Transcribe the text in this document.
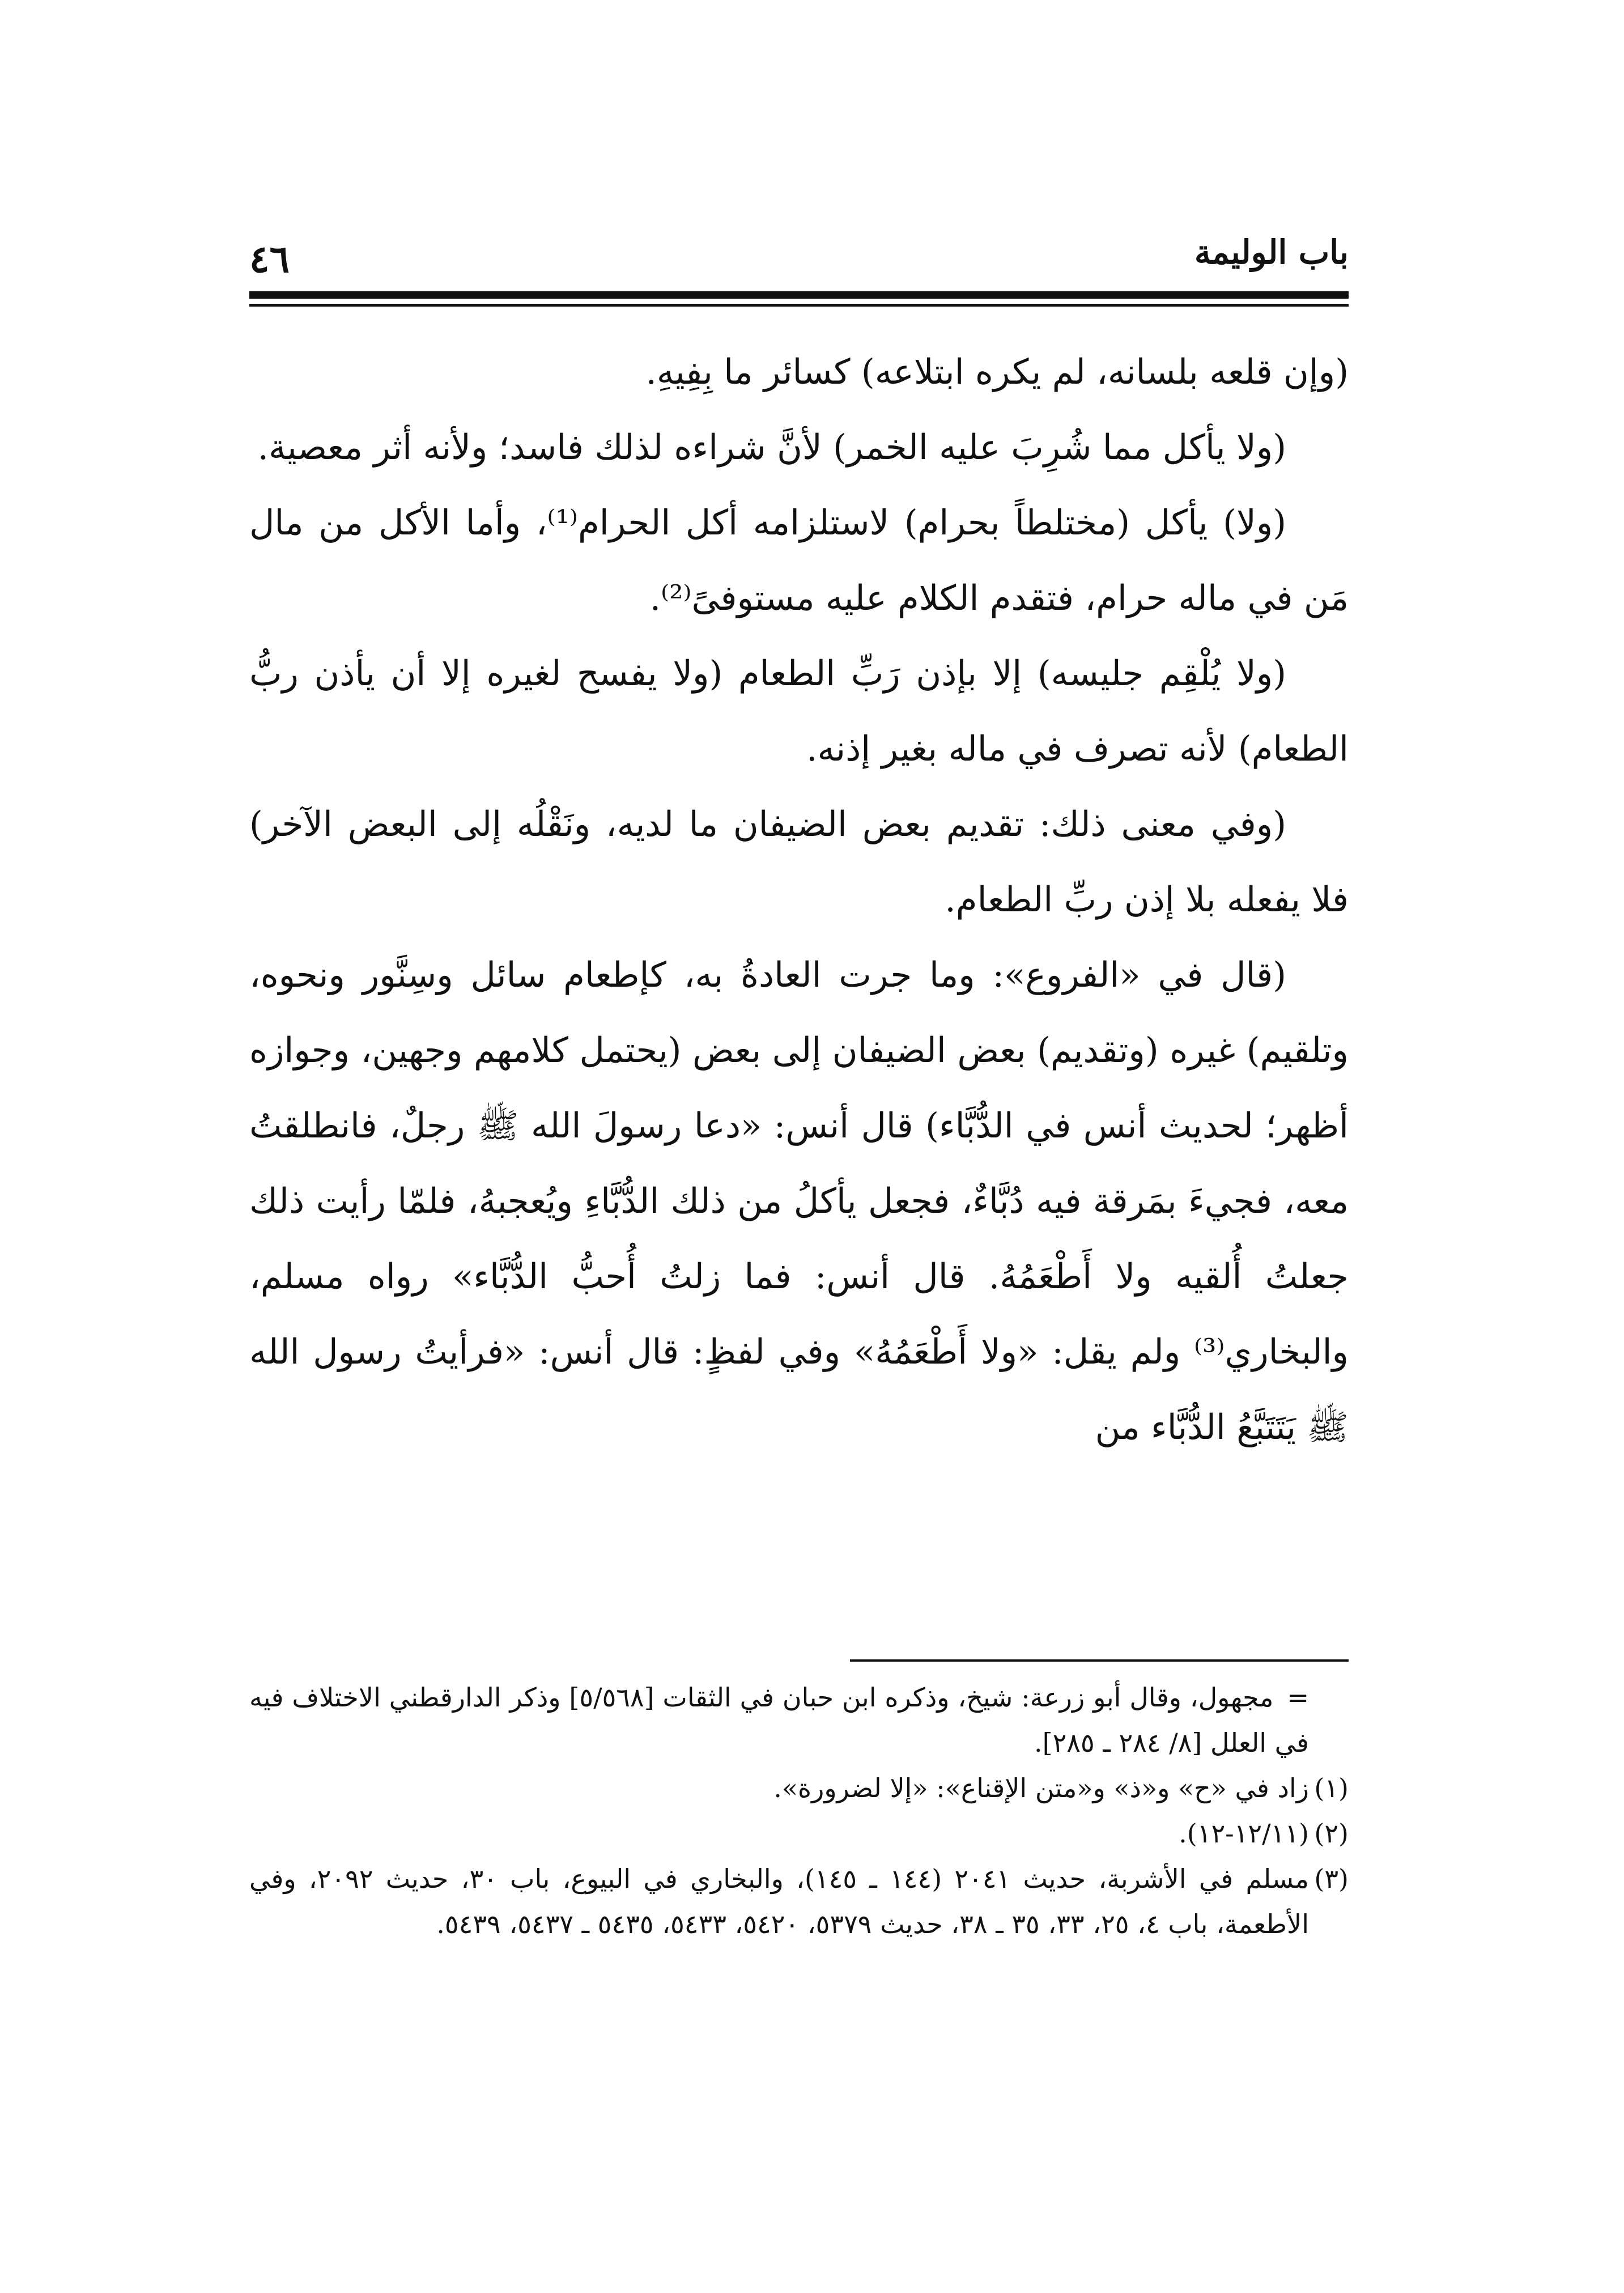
باب الوليمة
٤٦

(وإن قلعه بلسانه، لم يكره ابتلاعه) كسائر ما بِفِيهِ.

(ولا يأكل مما شُرِبَ عليه الخمر) لأنَّ شراءه لذلك فاسد؛ ولأنه أثر معصية.

(ولا) يأكل (مختلطاً بحرام) لاستلزامه أكل الحرام⁽¹⁾، وأما الأكل من مال مَن في ماله حرام، فتقدم الكلام عليه مستوفىً⁽²⁾.

(ولا يُلْقِم جليسه) إلا بإذن رَبِّ الطعام (ولا يفسح لغيره إلا أن يأذن ربُّ الطعام) لأنه تصرف في ماله بغير إذنه.

(وفي معنى ذلك: تقديم بعض الضيفان ما لديه، ونَقْلُه إلى البعض الآخر) فلا يفعله بلا إذن ربِّ الطعام.

(قال في «الفروع»: وما جرت العادةُ به، كإطعام سائل وسِنَّور ونحوه، وتلقيم) غيره (وتقديم) بعض الضيفان إلى بعض (يحتمل كلامهم وجهين، وجوازه أظهر؛ لحديث أنس في الدُّبَّاء) قال أنس: «دعا رسولَ الله ﷺ رجلٌ، فانطلقتُ معه، فجيءَ بمَرقة فيه دُبَّاءٌ، فجعل يأكلُ من ذلك الدُّبَّاءِ ويُعجبهُ، فلمّا رأيت ذلك جعلتُ أُلقيه ولا أَطْعَمُهُ. قال أنس: فما زلتُ أُحبُّ الدُّبَّاء» رواه مسلم، والبخاري⁽³⁾ ولم يقل: «ولا أَطْعَمُهُ» وفي لفظٍ: قال أنس: «فرأيتُ رسول الله ﷺ يَتَتَبَّعُ الدُّبَّاء من

=مجهول، وقال أبو زرعة: شيخ، وذكره ابن حبان في الثقات [٥/٥٦٨] وذكر الدارقطني الاختلاف فيه في العلل [٨/ ٢٨٤ ـ ٢٨٥].

(١)زاد في «ح» و«ذ» و«متن الإقناع»: «إلا لضرورة».

(٢)(١٢/١١-١٢).

(٣)مسلم في الأشربة، حديث ٢٠٤١ (١٤٤ ـ ١٤٥)، والبخاري في البيوع، باب ٣٠، حديث ٢٠٩٢، وفي الأطعمة، باب ٤، ٢٥، ٣٣، ٣٥ ـ ٣٨، حديث ٥٣٧٩، ٥٤٢٠، ٥٤٣٣، ٥٤٣٥ ـ ٥٤٣٧، ٥٤٣٩.
